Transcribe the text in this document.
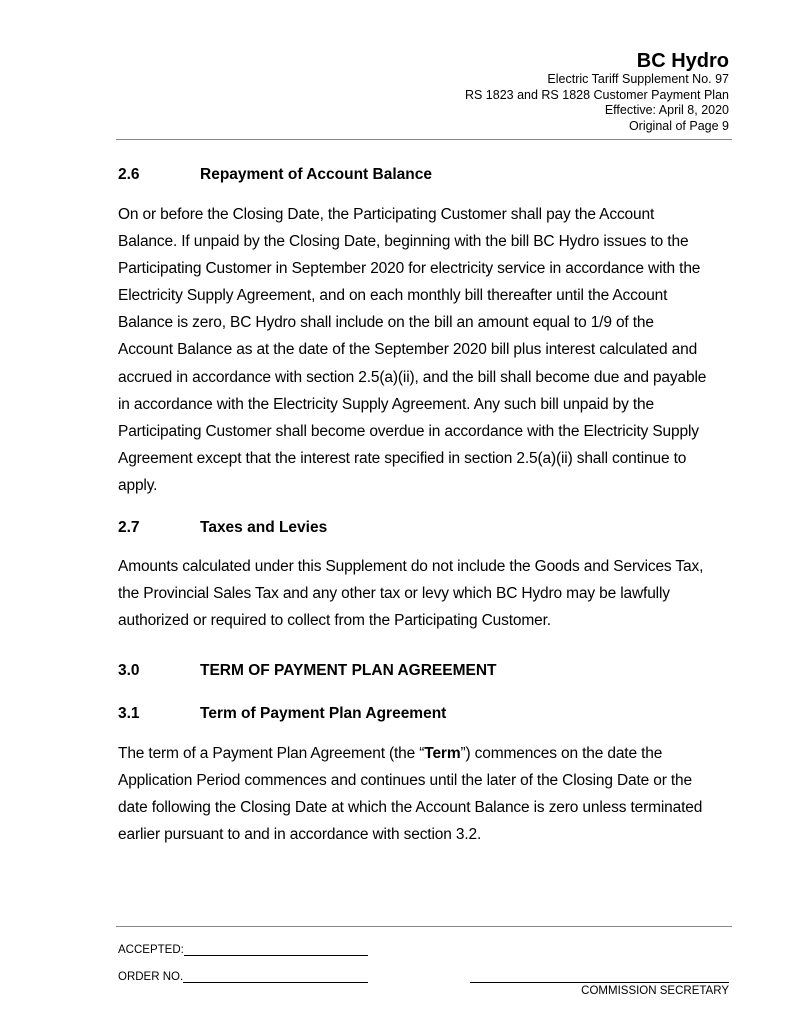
BC Hydro
Electric Tariff Supplement No. 97
RS 1823 and RS 1828 Customer Payment Plan
Effective: April 8, 2020
Original of Page 9
2.6	Repayment of Account Balance
On or before the Closing Date, the Participating Customer shall pay the Account
Balance. If unpaid by the Closing Date, beginning with the bill BC Hydro issues to the
Participating Customer in September 2020 for electricity service in accordance with the
Electricity Supply Agreement, and on each monthly bill thereafter until the Account
Balance is zero, BC Hydro shall include on the bill an amount equal to 1/9 of the
Account Balance as at the date of the September 2020 bill plus interest calculated and
accrued in accordance with section 2.5(a)(ii), and the bill shall become due and payable
in accordance with the Electricity Supply Agreement. Any such bill unpaid by the
Participating Customer shall become overdue in accordance with the Electricity Supply
Agreement except that the interest rate specified in section 2.5(a)(ii) shall continue to
apply.
2.7	Taxes and Levies
Amounts calculated under this Supplement do not include the Goods and Services Tax,
the Provincial Sales Tax and any other tax or levy which BC Hydro may be lawfully
authorized or required to collect from the Participating Customer.
3.0	TERM OF PAYMENT PLAN AGREEMENT
3.1	Term of Payment Plan Agreement
The term of a Payment Plan Agreement (the “Term”) commences on the date the
Application Period commences and continues until the later of the Closing Date or the
date following the Closing Date at which the Account Balance is zero unless terminated
earlier pursuant to and in accordance with section 3.2.
ACCEPTED:
ORDER NO.
COMMISSION SECRETARY
